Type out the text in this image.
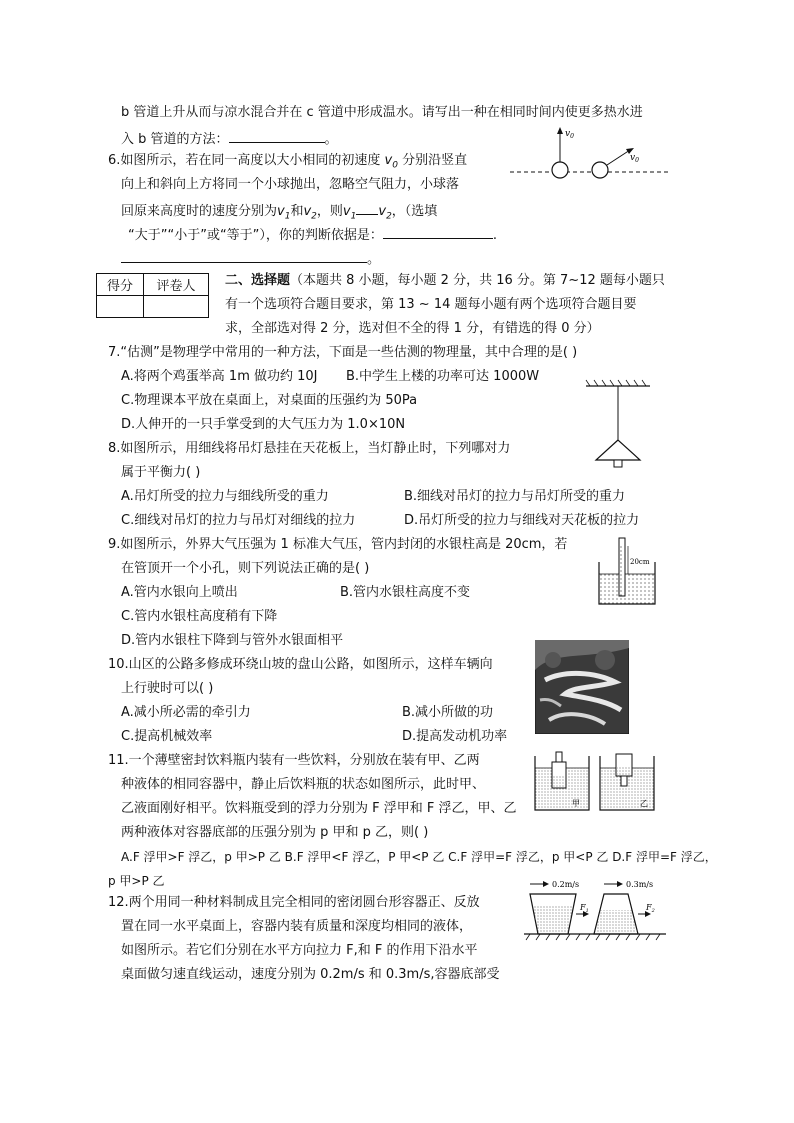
b 管道上升从而与凉水混合并在 c 管道中形成温水。请写出一种在相同时间内使更多热水进
入 b 管道的方法：	。
6.如图所示，若在同一高度以大小相同的初速度 $v_0$ 分别沿竖直
向上和斜向上方将同一个小球抛出，忽略空气阻力，小球落
回原来高度时的速度分别为$v_1$和$v_2$，则$v_1$ $v_2$，（选填
“大于”“小于”或“等于”），你的判断依据是：	.
。
$v_0$
$v_0$
得分	评卷人
	二、选择题（本题共 8 小题，每小题 2 分，共 16 分。第 7~12 题每小题只
有一个选项符合题目要求，第 13 ~ 14 题每小题有两个选项符合题目要
求，全部选对得 2 分，选对但不全的得 1 分，有错选的得 0 分）
7.“估测”是物理学中常用的一种方法，下面是一些估测的物理量，其中合理的是( )
A.将两个鸡蛋举高 1m 做功约 10J B.中学生上楼的功率可达 1000W
C.物理课本平放在桌面上，对桌面的压强约为 50Pa
D.人伸开的一只手掌受到的大气压力为 1.0×10N
8.如图所示，用细线将吊灯悬挂在天花板上，当灯静止时，下列哪对力
属于平衡力( )
A.吊灯所受的拉力与细线所受的重力	B.细线对吊灯的拉力与吊灯所受的重力
C.细线对吊灯的拉力与吊灯对细线的拉力	D.吊灯所受的拉力与细线对天花板的拉力
9.如图所示，外界大气压强为 1 标准大气压，管内封闭的水银柱高是 20cm，若
在管顶开一个小孔，则下列说法正确的是( )
A.管内水银向上喷出	B.管内水银柱高度不变
C.管内水银柱高度稍有下降
D.管内水银柱下降到与管外水银面相平
20cm
10.山区的公路多修成环绕山坡的盘山公路，如图所示，这样车辆向
上行驶时可以( )
A.减小所必需的牵引力	B.减小所做的功
C.提高机械效率	D.提高发动机功率
11.一个薄壁密封饮料瓶内装有一些饮料，分别放在装有甲、乙两
种液体的相同容器中，静止后饮料瓶的状态如图所示，此时甲、
乙液面刚好相平。饮料瓶受到的浮力分别为 F 浮甲和 F 浮乙，甲、乙
两种液体对容器底部的压强分别为 p 甲和 p 乙，则( )
A.F 浮甲>F 浮乙，p 甲>P 乙 B.F 浮甲<F 浮乙，P 甲<P 乙 C.F 浮甲=F 浮乙，p 甲<P 乙 D.F 浮甲=F 浮乙，
p 甲>P 乙
甲	乙
12.两个用同一种材料制成且完全相同的密闭圆台形容器正、反放
置在同一水平桌面上，容器内装有质量和深度均相同的液体，
如图所示。若它们分别在水平方向拉力 F,和 F 的作用下沿水平
桌面做匀速直线运动，速度分别为 0.2m/s 和 0.3m/s,容器底部受
0.2m/s	0.3m/s
$F_1$	$F_2$
